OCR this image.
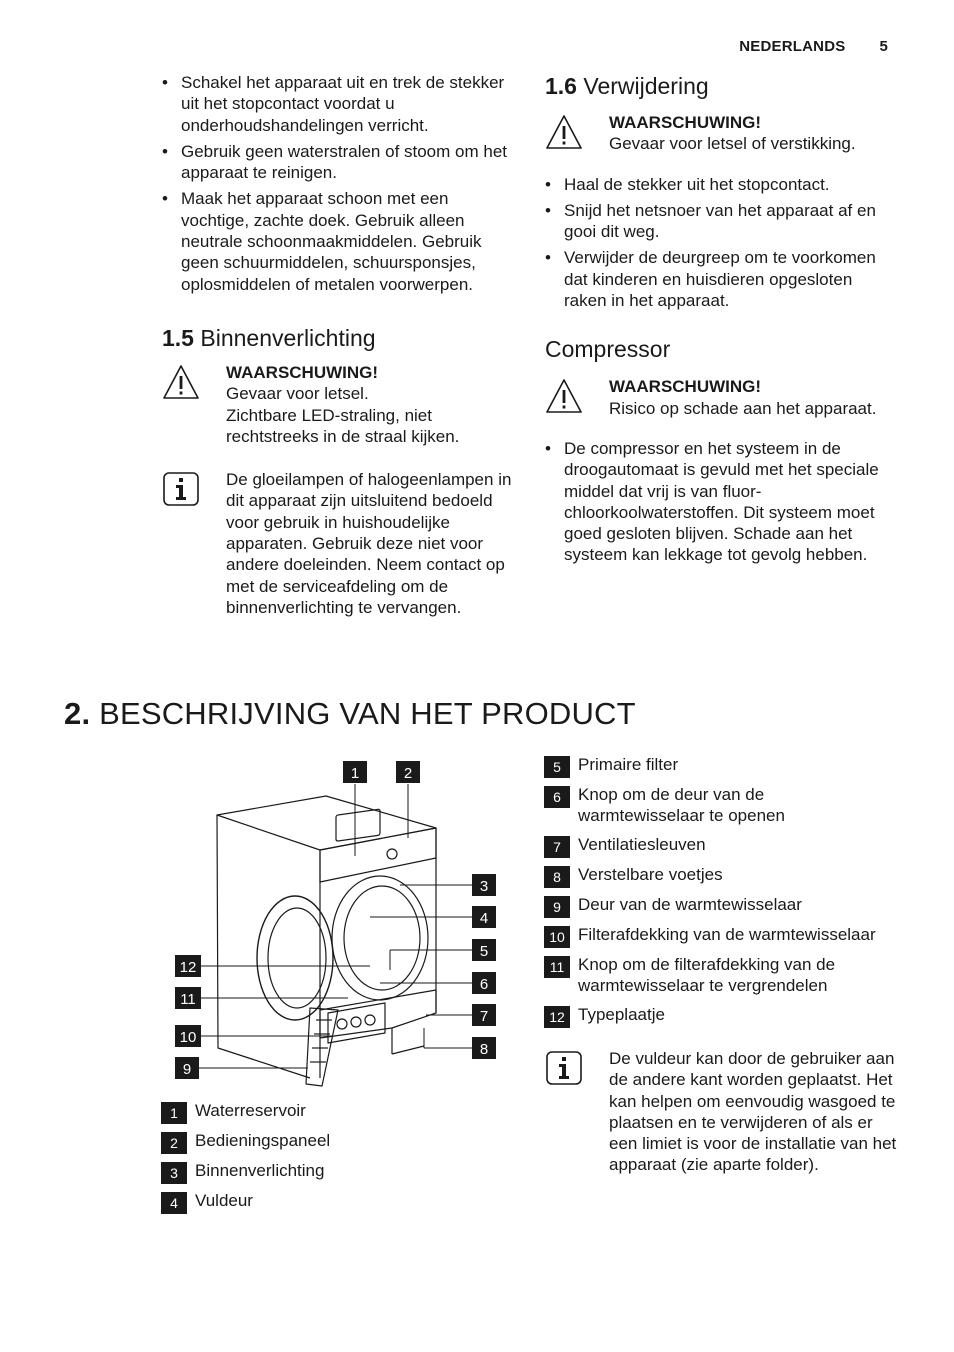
NEDERLANDS 5
• Schakel het apparaat uit en trek de stekker uit het stopcontact voordat u onderhoudshandelingen verricht.
• Gebruik geen waterstralen of stoom om het apparaat te reinigen.
• Maak het apparaat schoon met een vochtige, zachte doek. Gebruik alleen neutrale schoonmaakmiddelen. Gebruik geen schuurmiddelen, schuursponsjes, oplosmiddelen of metalen voorwerpen.
1.5 Binnenverlichting
WAARSCHUWING!
Gevaar voor letsel.
Zichtbare LED-straling, niet rechtstreeks in de straal kijken.
De gloeilampen of halogeenlampen in dit apparaat zijn uitsluitend bedoeld voor gebruik in huishoudelijke apparaten. Gebruik deze niet voor andere doeleinden. Neem contact op met de serviceafdeling om de binnenverlichting te vervangen.
1.6 Verwijdering
WAARSCHUWING!
Gevaar voor letsel of verstikking.
• Haal de stekker uit het stopcontact.
• Snijd het netsnoer van het apparaat af en gooi dit weg.
• Verwijder de deurgreep om te voorkomen dat kinderen en huisdieren opgesloten raken in het apparaat.
Compressor
WAARSCHUWING!
Risico op schade aan het apparaat.
• De compressor en het systeem in de droogautomaat is gevuld met het speciale middel dat vrij is van fluor-chloorkoolwaterstoffen. Dit systeem moet goed gesloten blijven. Schade aan het systeem kan lekkage tot gevolg hebben.
2. BESCHRIJVING VAN HET PRODUCT
1	2
3
4
5
6
7
8
9
10
11
12
1	Waterreservoir
2	Bedieningspaneel
3	Binnenverlichting
4	Vuldeur
5	Primaire filter
6	Knop om de deur van de warmtewisselaar te openen
7	Ventilatiesleuven
8	Verstelbare voetjes
9	Deur van de warmtewisselaar
10 Filterafdekking van de warmtewisselaar
11 Knop om de filterafdekking van de warmtewisselaar te vergrendelen
12 Typeplaatje
De vuldeur kan door de gebruiker aan de andere kant worden geplaatst. Het kan helpen om eenvoudig wasgoed te plaatsen en te verwijderen of als er een limiet is voor de installatie van het apparaat (zie aparte folder).
